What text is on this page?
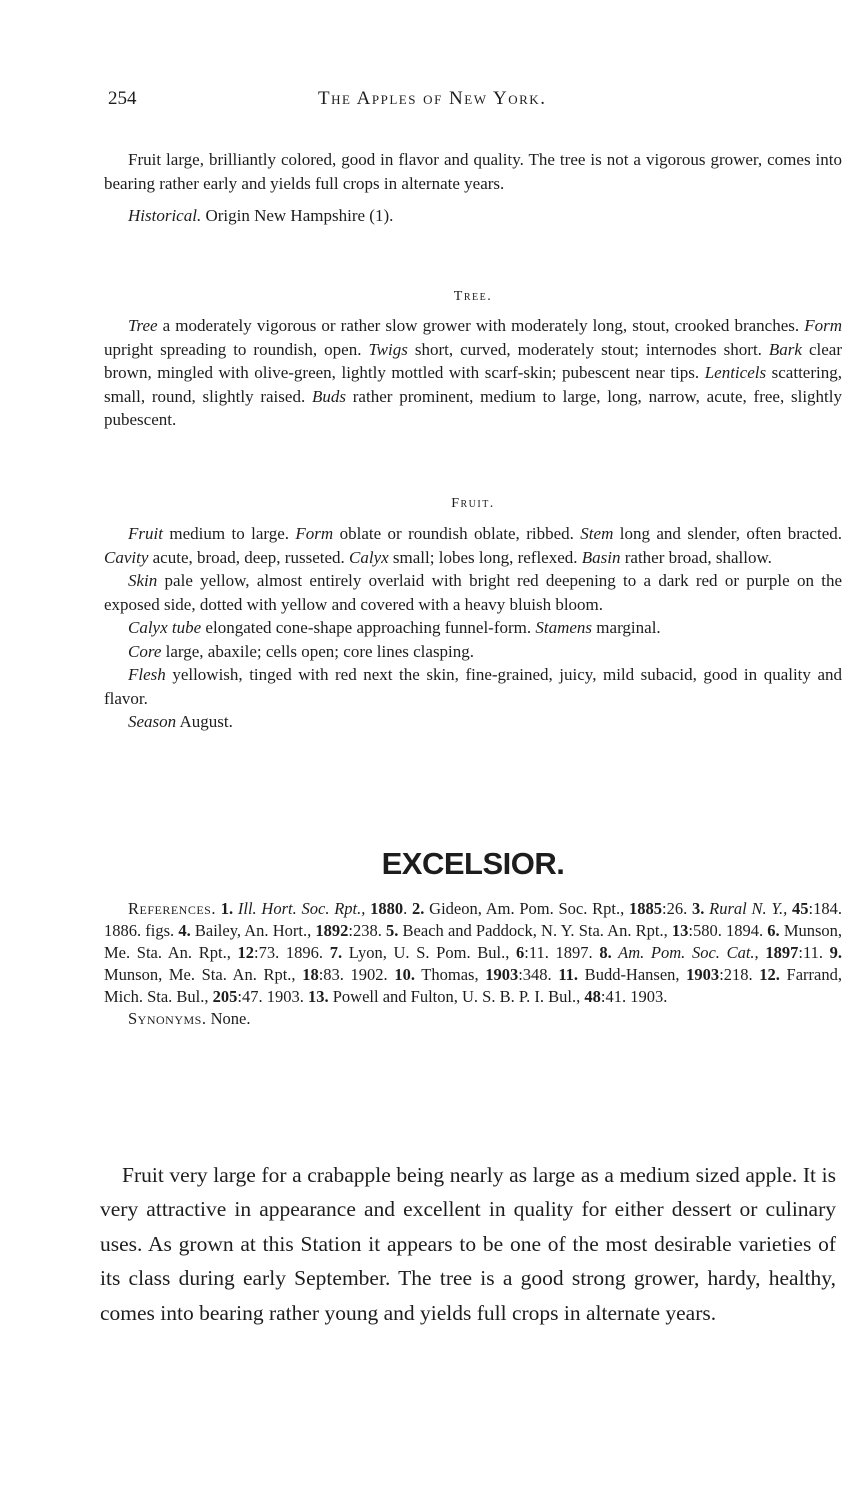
254	The Apples of New York.

Fruit large, brilliantly colored, good in flavor and quality. The tree is not a vigorous grower, comes into bearing rather early and yields full crops in alternate years.

Historical. Origin New Hampshire (1).

Tree.

Tree a moderately vigorous or rather slow grower with moderately long, stout, crooked branches. Form upright spreading to roundish, open. Twigs short, curved, moderately stout; internodes short. Bark clear brown, mingled with olive-green, lightly mottled with scarf-skin; pubescent near tips. Lenticels scattering, small, round, slightly raised. Buds rather prominent, medium to large, long, narrow, acute, free, slightly pubescent.

Fruit.

Fruit medium to large. Form oblate or roundish oblate, ribbed. Stem long and slender, often bracted. Cavity acute, broad, deep, russeted. Calyx small; lobes long, reflexed. Basin rather broad, shallow.

Skin pale yellow, almost entirely overlaid with bright red deepening to a dark red or purple on the exposed side, dotted with yellow and covered with a heavy bluish bloom.

Calyx tube elongated cone-shape approaching funnel-form. Stamens marginal.

Core large, abaxile; cells open; core lines clasping.

Flesh yellowish, tinged with red next the skin, fine-grained, juicy, mild subacid, good in quality and flavor.

Season August.

EXCELSIOR.

References. 1. Ill. Hort. Soc. Rpt., 1880. 2. Gideon, Am. Pom. Soc. Rpt., 1885:26. 3. Rural N. Y., 45:184. 1886. figs. 4. Bailey, An. Hort., 1892:238. 5. Beach and Paddock, N. Y. Sta. An. Rpt., 13:580. 1894. 6. Munson, Me. Sta. An. Rpt., 12:73. 1896. 7. Lyon, U. S. Pom. Bul., 6:11. 1897. 8. Am. Pom. Soc. Cat., 1897:11. 9. Munson, Me. Sta. An. Rpt., 18:83. 1902. 10. Thomas, 1903:348. 11. Budd-Hansen, 1903:218. 12. Farrand, Mich. Sta. Bul., 205:47. 1903. 13. Powell and Fulton, U. S. B. P. I. Bul., 48:41. 1903.

Synonyms. None.

Fruit very large for a crabapple being nearly as large as a medium sized apple. It is very attractive in appearance and excellent in quality for either dessert or culinary uses. As grown at this Station it appears to be one of the most desirable varieties of its class during early September. The tree is a good strong grower, hardy, healthy, comes into bearing rather young and yields full crops in alternate years.
